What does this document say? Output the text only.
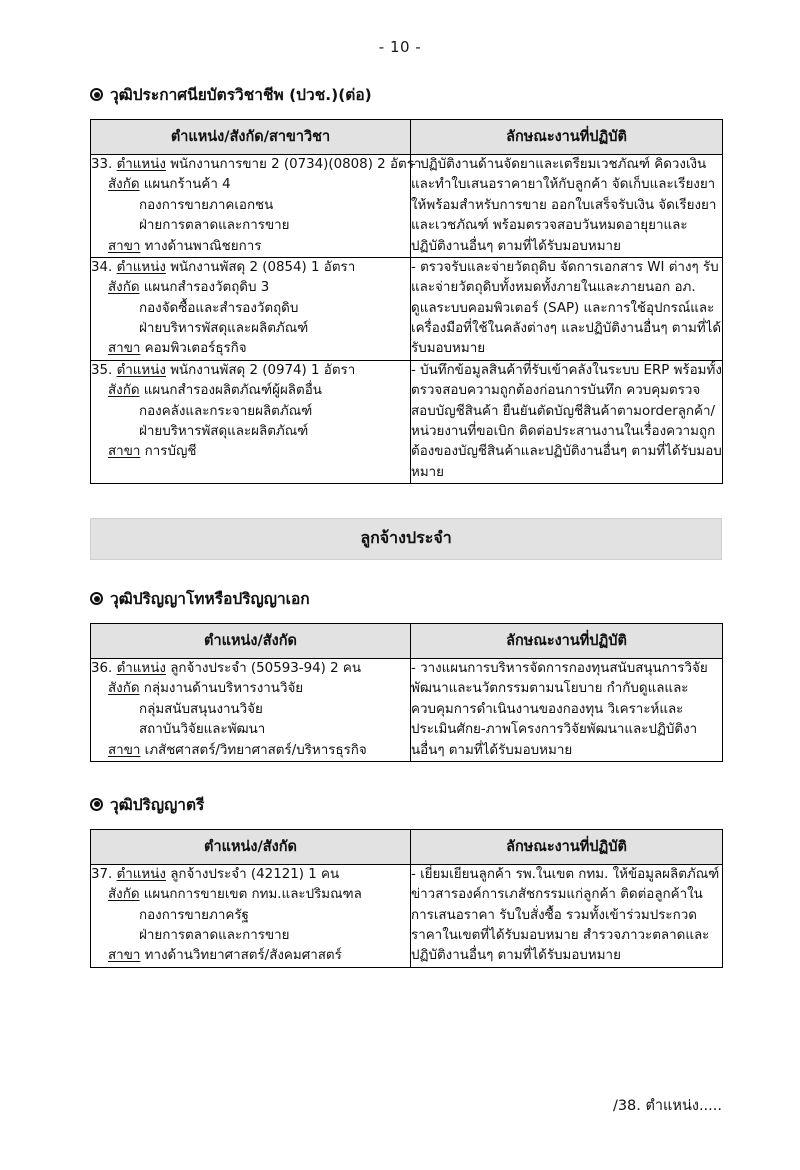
- 10 -
วุฒิประกาศนียบัตรวิชาชีพ (ปวช.)(ต่อ)
ตำแหน่ง/สังกัด/สาขาวิชา	ลักษณะงานที่ปฏิบัติ

33. ตำแหน่ง พนักงานการขาย 2 (0734)(0808) 2 อัตรา
สังกัด แผนกร้านค้า 4
กองการขายภาคเอกชน
ฝ่ายการตลาดและการขาย
สาขา ทางด้านพาณิชยการ

- ปฏิบัติงานด้านจัดยาและเตรียมเวชภัณฑ์ คิดวงเงินและทำใบเสนอราคายาให้กับลูกค้า จัดเก็บและเรียงยาให้พร้อมสำหรับการขาย ออกใบเสร็จรับเงิน จัดเรียงยาและเวชภัณฑ์ พร้อมตรวจสอบวันหมดอายุยาและปฏิบัติงานอื่นๆ ตามที่ได้รับมอบหมาย

34. ตำแหน่ง พนักงานพัสดุ 2 (0854) 1 อัตรา
สังกัด แผนกสำรองวัตถุดิบ 3
กองจัดซื้อและสำรองวัตถุดิบ
ฝ่ายบริหารพัสดุและผลิตภัณฑ์
สาขา คอมพิวเตอร์ธุรกิจ

- ตรวจรับและจ่ายวัตถุดิบ จัดการเอกสาร WI ต่างๆ รับและจ่ายวัตถุดิบทั้งหมดทั้งภายในและภายนอก อภ. ดูแลระบบคอมพิวเตอร์ (SAP) และการใช้อุปกรณ์และเครื่องมือที่ใช้ในคลังต่างๆ และปฏิบัติงานอื่นๆ ตามที่ได้รับมอบหมาย

35. ตำแหน่ง พนักงานพัสดุ 2 (0974) 1 อัตรา
สังกัด แผนกสำรองผลิตภัณฑ์ผู้ผลิตอื่น
กองคลังและกระจายผลิตภัณฑ์
ฝ่ายบริหารพัสดุและผลิตภัณฑ์
สาขา การบัญชี

- บันทึกข้อมูลสินค้าที่รับเข้าคลังในระบบ ERP พร้อมทั้งตรวจสอบความถูกต้องก่อนการบันทึก ควบคุมตรวจสอบบัญชีสินค้า ยืนยันตัดบัญชีสินค้าตามorderลูกค้า/หน่วยงานที่ขอเบิก ติดต่อประสานงานในเรื่องความถูกต้องของบัญชีสินค้าและปฏิบัติงานอื่นๆ ตามที่ได้รับมอบหมาย
ลูกจ้างประจำ
วุฒิปริญญาโทหรือปริญญาเอก
ตำแหน่ง/สังกัด	ลักษณะงานที่ปฏิบัติ

36. ตำแหน่ง ลูกจ้างประจำ (50593-94) 2 คน
สังกัด กลุ่มงานด้านบริหารงานวิจัย
กลุ่มสนับสนุนงานวิจัย
สถาบันวิจัยและพัฒนา
สาขา เภสัชศาสตร์/วิทยาศาสตร์/บริหารธุรกิจ	- วางแผนการบริหารจัดการกองทุนสนับสนุนการวิจัยพัฒนาและนวัตกรรมตามนโยบาย กำกับดูแลและควบคุมการดำเนินงานของกองทุน วิเคราะห์และประเมินศักย-ภาพโครงการวิจัยพัฒนาและปฏิบัติงานอื่นๆ ตามที่ได้รับมอบหมาย
วุฒิปริญญาตรี
ตำแหน่ง/สังกัด	ลักษณะงานที่ปฏิบัติ

37. ตำแหน่ง ลูกจ้างประจำ (42121) 1 คน
สังกัด แผนกการขายเขต กทม.และปริมณฑล
กองการขายภาครัฐ
ฝ่ายการตลาดและการขาย
สาขา ทางด้านวิทยาศาสตร์/สังคมศาสตร์

- เยี่ยมเยียนลูกค้า รพ.ในเขต กทม. ให้ข้อมูลผลิตภัณฑ์ข่าวสารองค์การเภสัชกรรมแก่ลูกค้า ติดต่อลูกค้าในการเสนอราคา รับใบสั่งซื้อ รวมทั้งเข้าร่วมประกวดราคาในเขตที่ได้รับมอบหมาย สำรวจภาวะตลาดและปฏิบัติงานอื่นๆ ตามที่ได้รับมอบหมาย
/38. ตำแหน่ง.....
